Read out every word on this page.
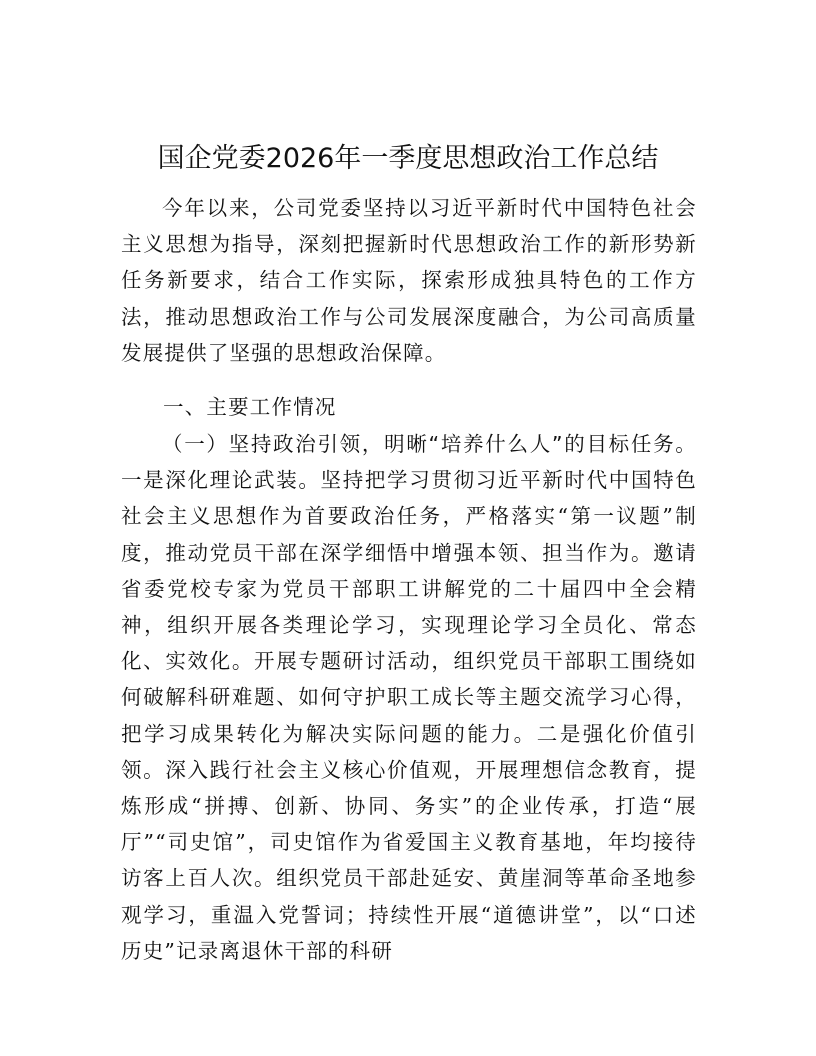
国企党委2026年一季度思想政治工作总结

今年以来，公司党委坚持以习近平新时代中国特色社会主义思想为指导，深刻把握新时代思想政治工作的新形势新任务新要求，结合工作实际，探索形成独具特色的工作方法，推动思想政治工作与公司发展深度融合，为公司高质量发展提供了坚强的思想政治保障。

一、主要工作情况

（一）坚持政治引领，明晰“培养什么人”的目标任务。一是深化理论武装。坚持把学习贯彻习近平新时代中国特色社会主义思想作为首要政治任务，严格落实“第一议题”制度，推动党员干部在深学细悟中增强本领、担当作为。邀请省委党校专家为党员干部职工讲解党的二十届四中全会精神，组织开展各类理论学习，实现理论学习全员化、常态化、实效化。开展专题研讨活动，组织党员干部职工围绕如何破解科研难题、如何守护职工成长等主题交流学习心得，把学习成果转化为解决实际问题的能力。二是强化价值引领。深入践行社会主义核心价值观，开展理想信念教育，提炼形成“拼搏、创新、协同、务实”的企业传承，打造“展厅”“司史馆”，司史馆作为省爱国主义教育基地，年均接待访客上百人次。组织党员干部赴延安、黄崖洞等革命圣地参观学习，重温入党誓词；持续性开展“道德讲堂”，以“口述历史”记录离退休干部的科研
